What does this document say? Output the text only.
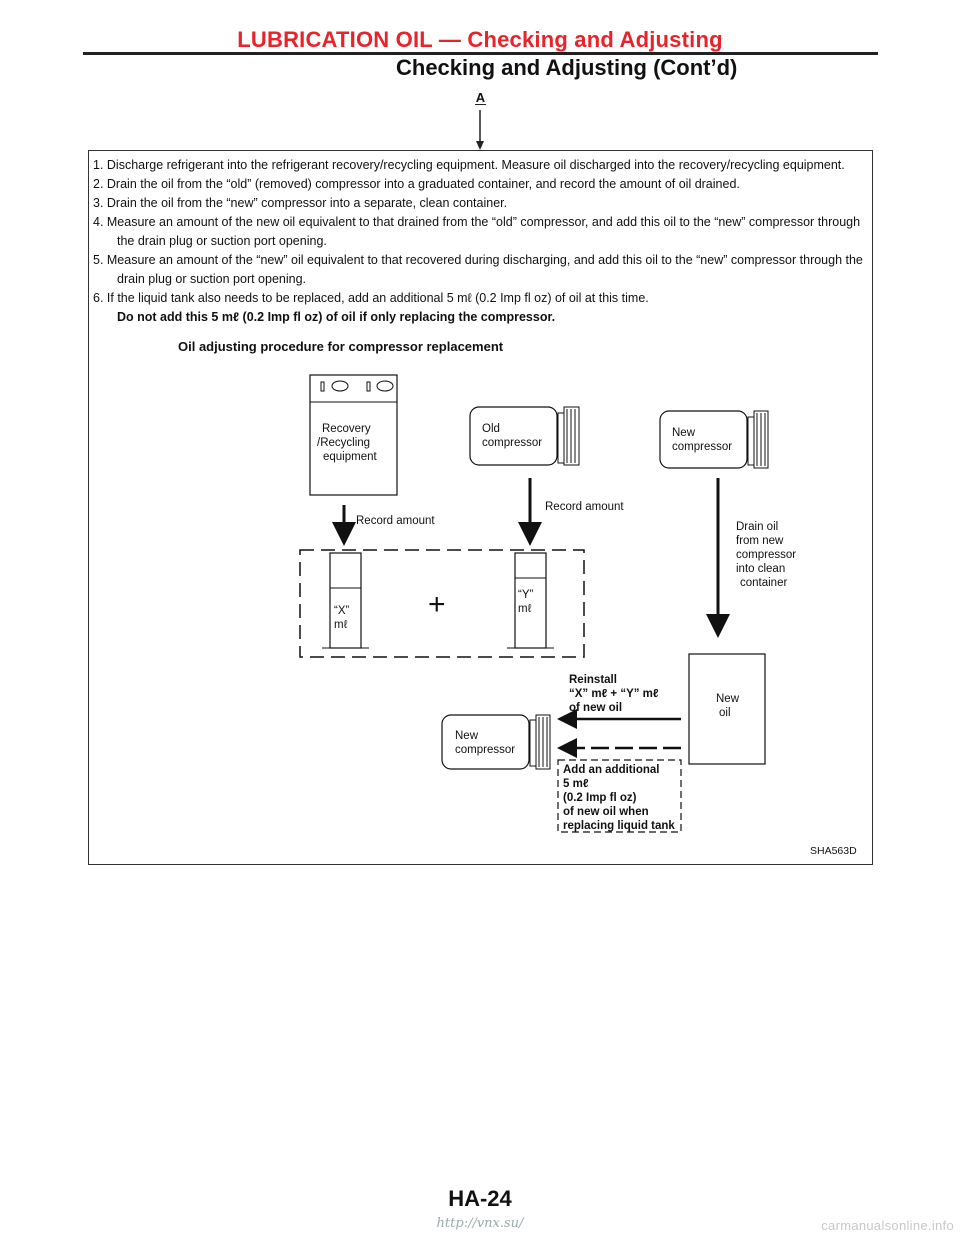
LUBRICATION OIL — Checking and Adjusting
Checking and Adjusting (Cont’d)
A

1. Discharge refrigerant into the refrigerant recovery/recycling equipment. Measure oil discharged into the recovery/recycling equipment.

2. Drain the oil from the “old” (removed) compressor into a graduated container, and record the amount of oil drained.

3. Drain the oil from the “new” compressor into a separate, clean container.

4. Measure an amount of the new oil equivalent to that drained from the “old” compressor, and add this oil to the “new” compressor through the drain plug or suction port opening.

5. Measure an amount of the “new” oil equivalent to that recovered during discharging, and add this oil to the “new” compressor through the drain plug or suction port opening.

6. If the liquid tank also needs to be replaced, add an additional 5 mℓ (0.2 Imp fl oz) of oil at this time.

Do not add this 5 mℓ (0.2 Imp fl oz) of oil if only replacing the compressor.

Oil adjusting procedure for compressor replacement
Recovery
/Recycling
equipment
Old
compressor
New
compressor
Record amount
Record amount
Drain oil
from new
compressor
into clean
container
“X”
mℓ
+	“Y”
mℓ
New
oil
Reinstall
“X” mℓ + “Y” mℓ
of new oil
New
compressor
Add an additional
5 mℓ
(0.2 Imp fl oz)
of new oil when
replacing liquid tank
SHA563D
HA-24
http://vnx.su/	carmanualsonline.info
